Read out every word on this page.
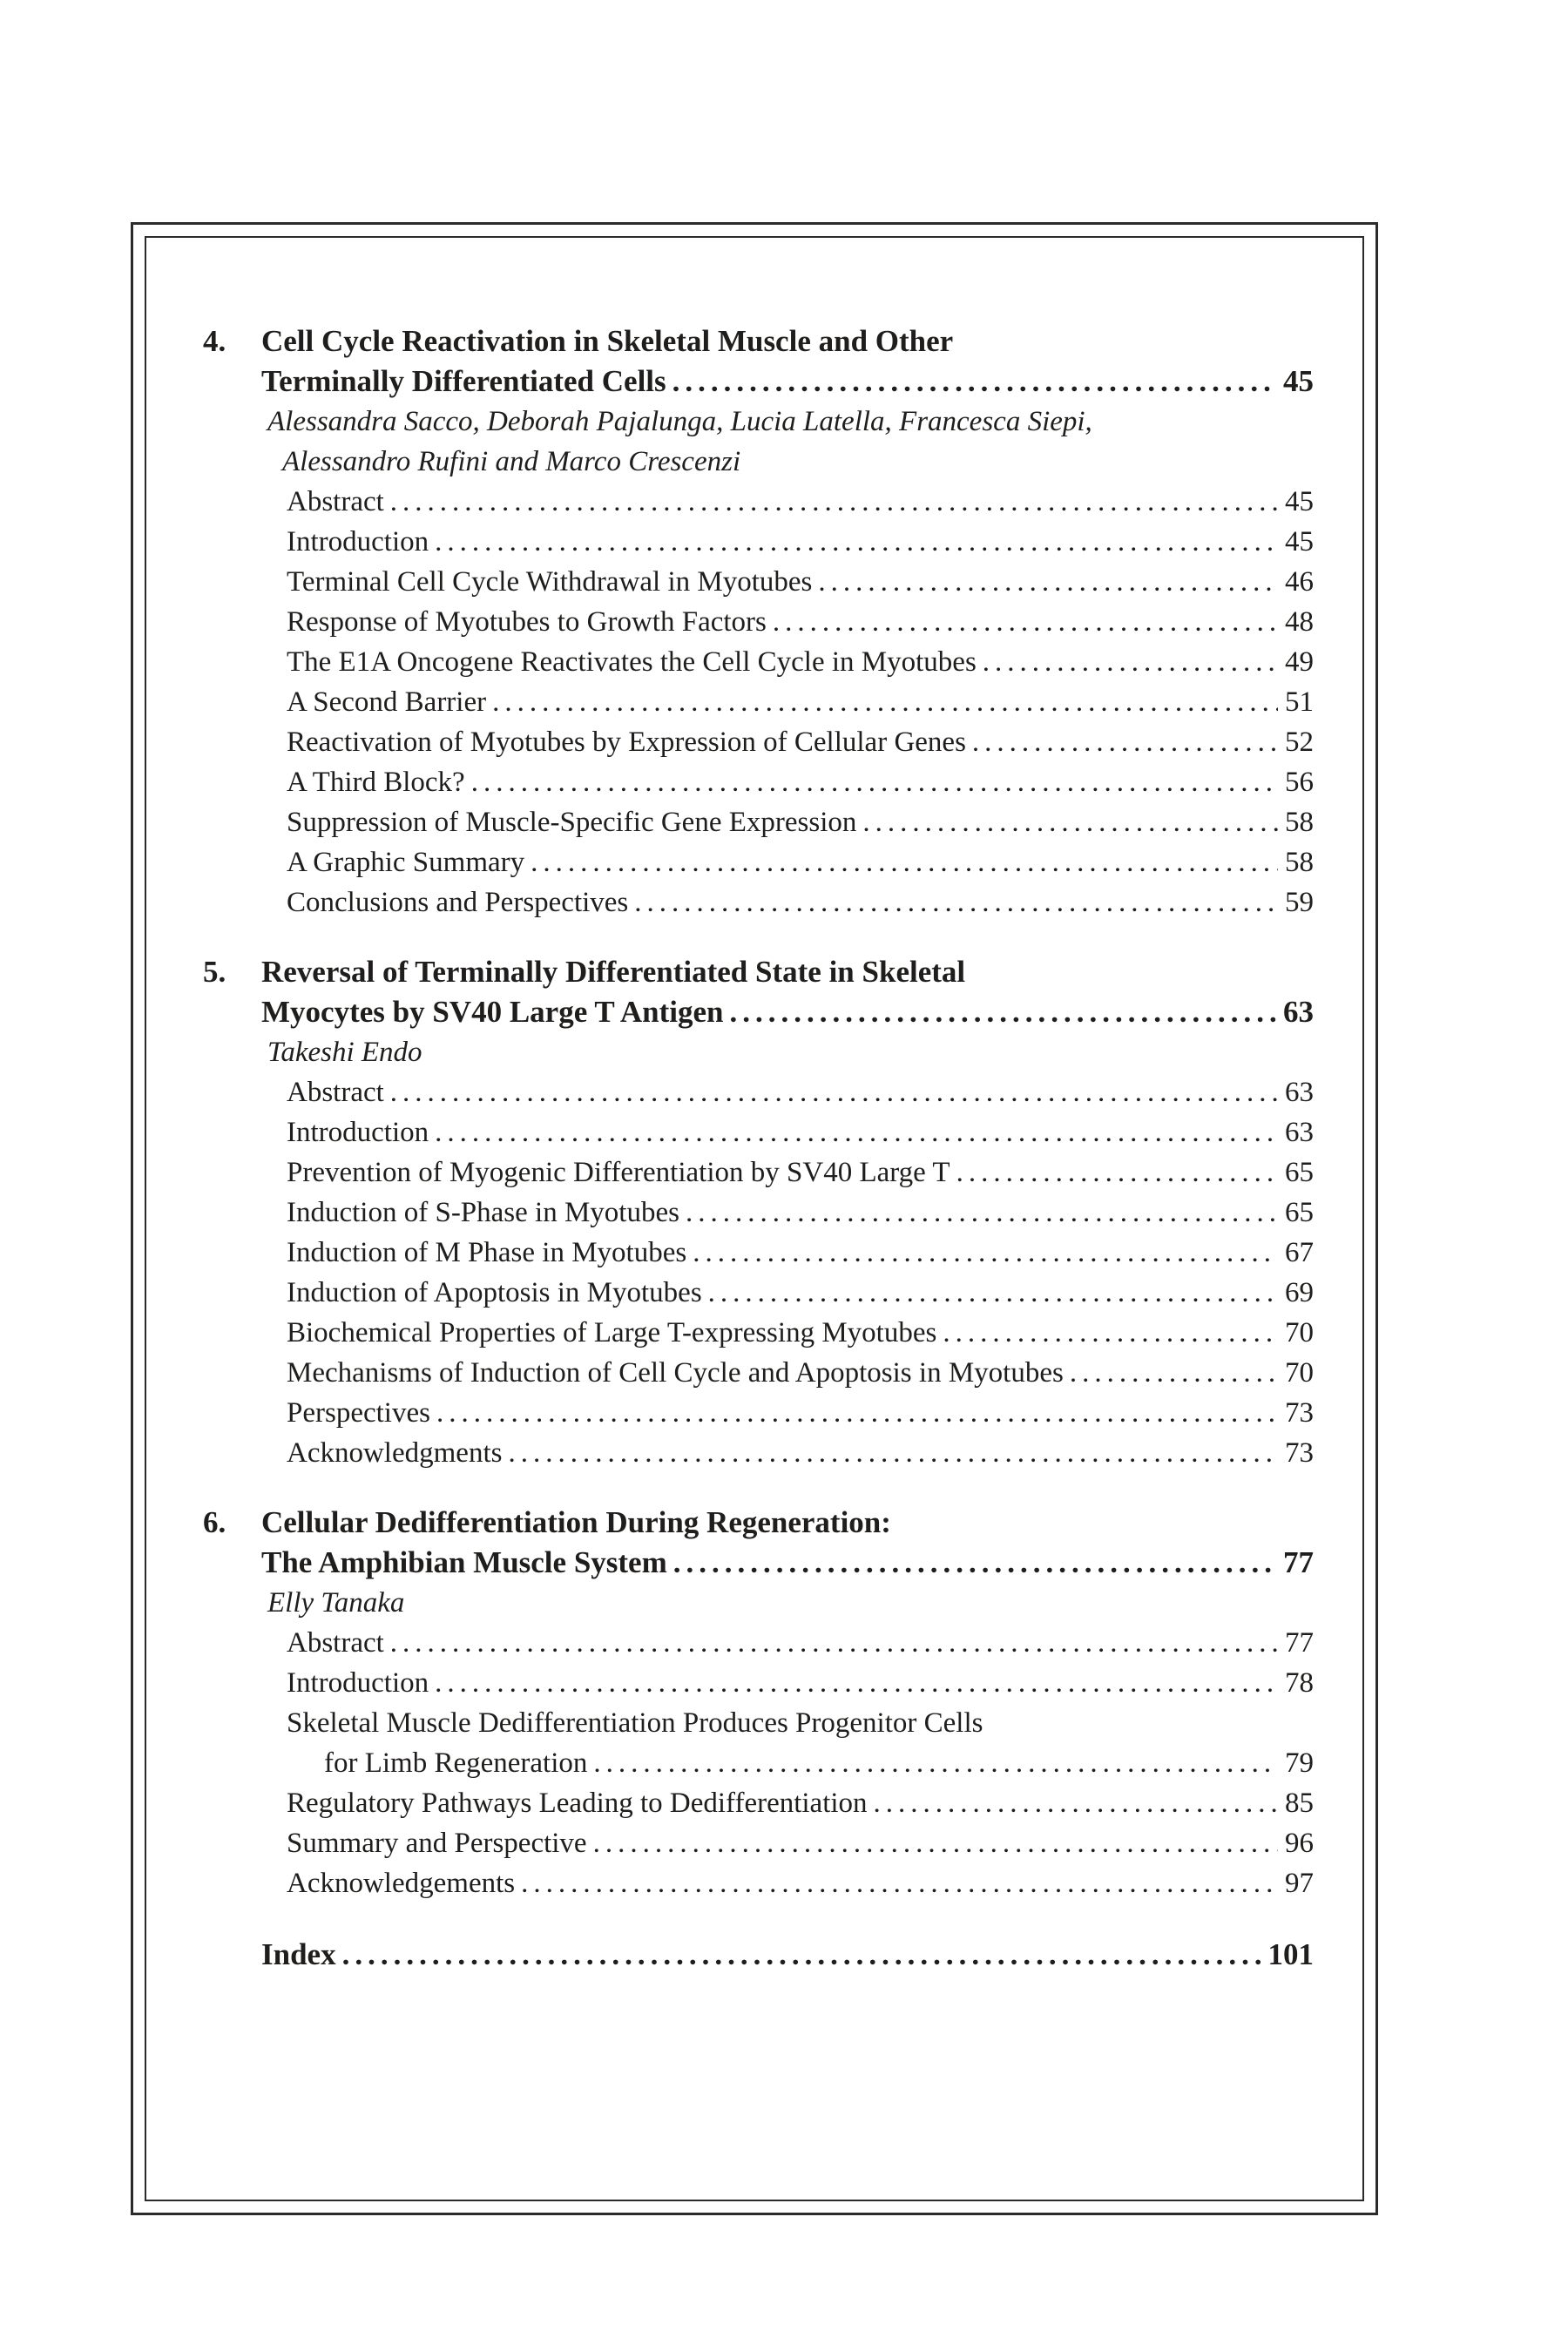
4.	Cell Cycle Reactivation in Skeletal Muscle and Other
Terminally Differentiated Cells .....	45
Alessandra Sacco, Deborah Pajalunga, Lucia Latella, Francesca Siepi,
Alessandro Rufini and Marco Crescenzi
Abstract .....	45
Introduction .....	45
Terminal Cell Cycle Withdrawal in Myotubes .....	46
Response of Myotubes to Growth Factors .....	48
The E1A Oncogene Reactivates the Cell Cycle in Myotubes .....	49
A Second Barrier .....	51
Reactivation of Myotubes by Expression of Cellular Genes .....	52
A Third Block? .....	56
Suppression of Muscle-Specific Gene Expression .....	58
A Graphic Summary .....	58
Conclusions and Perspectives .....	59
5.	Reversal of Terminally Differentiated State in Skeletal
Myocytes by SV40 Large T Antigen .....	63
Takeshi Endo
Abstract .....	63
Introduction .....	63
Prevention of Myogenic Differentiation by SV40 Large T .....	65
Induction of S-Phase in Myotubes .....	65
Induction of M Phase in Myotubes .....	67
Induction of Apoptosis in Myotubes .....	69
Biochemical Properties of Large T-expressing Myotubes .....	70
Mechanisms of Induction of Cell Cycle and Apoptosis in Myotubes .....	70
Perspectives .....	73
Acknowledgments .....	73
6.	Cellular Dedifferentiation During Regeneration:
The Amphibian Muscle System .....	77
Elly Tanaka
Abstract .....	77
Introduction .....	78
Skeletal Muscle Dedifferentiation Produces Progenitor Cells
for Limb Regeneration .....	79
Regulatory Pathways Leading to Dedifferentiation .....	85
Summary and Perspective .....	96
Acknowledgements .....	97
Index .....	101
